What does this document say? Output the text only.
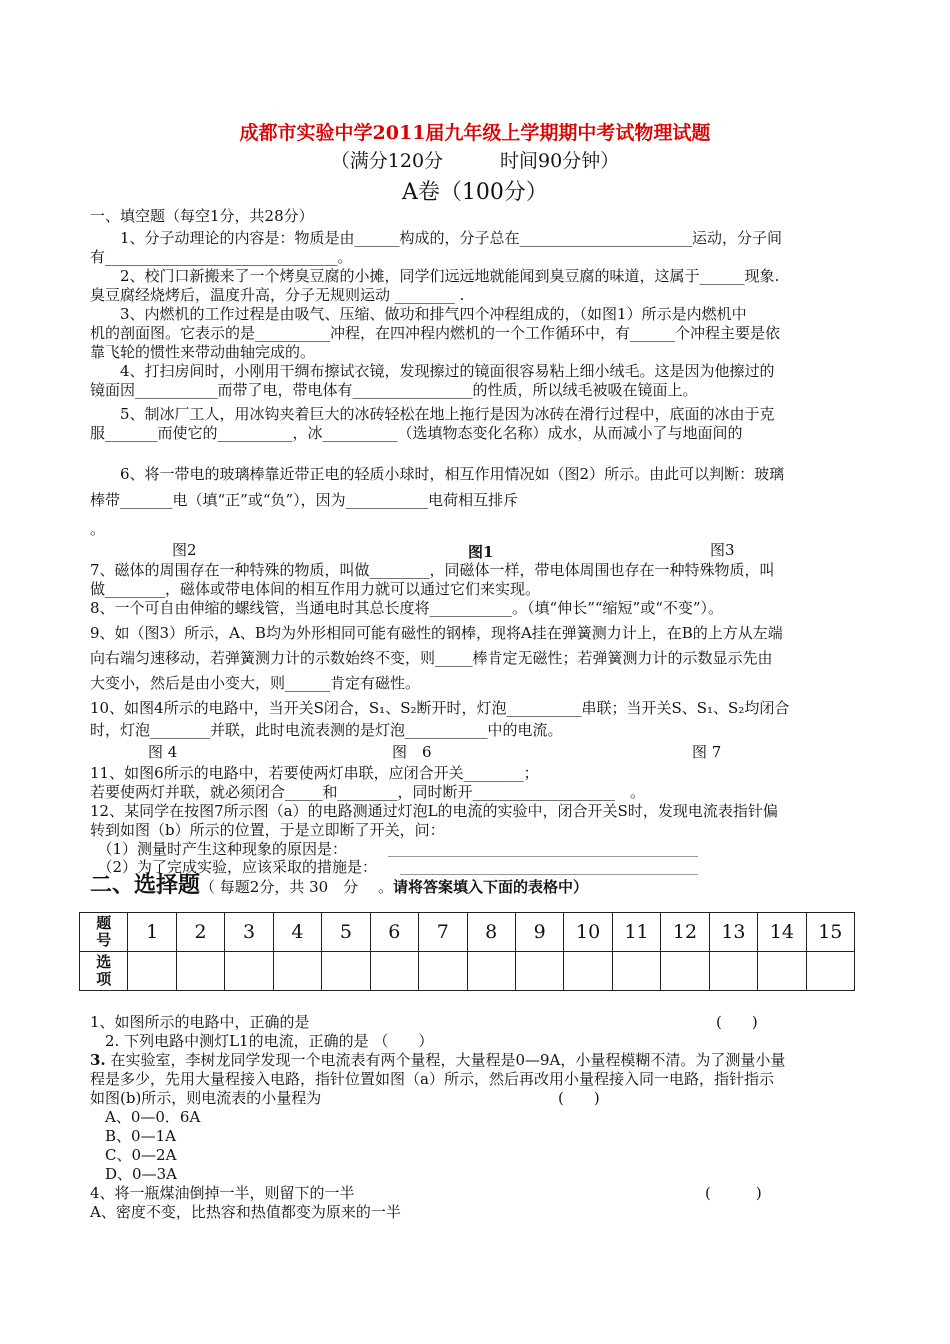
成都市实验中学2011届九年级上学期期中考试物理试题
（满分120分　　　时间90分钟）
A卷（100分）
一、填空题（每空1分，共28分）
　　1、分子动理论的内容是：物质是由______构成的，分子总在_______________________运动，分子间
有_______________________________。
　　2、校门口新搬来了一个烤臭豆腐的小摊，同学们远远地就能闻到臭豆腐的味道，这属于______现象.
臭豆腐经烧烤后，温度升高，分子无规则运动 ________ .
　　3、内燃机的工作过程是由吸气、压缩、做功和排气四个冲程组成的，（如图1）所示是内燃机中
机的剖面图。它表示的是__________冲程，在四冲程内燃机的一个工作循环中，有______个冲程主要是依
靠飞轮的惯性来带动曲轴完成的。
　　4、打扫房间时，小刚用干绸布擦试衣镜，发现擦过的镜面很容易粘上细小绒毛。这是因为他擦过的
镜面因___________而带了电，带电体有________________的性质，所以绒毛被吸在镜面上。
　　5、制冰厂工人，用冰钩夹着巨大的冰砖轻松在地上拖行是因为冰砖在滑行过程中，底面的冰由于克
服_______而使它的__________，冰__________（选填物态变化名称）成水，从而减小了与地面间的
　　6、将一带电的玻璃棒靠近带正电的轻质小球时，相互作用情况如（图2）所示。由此可以判断：玻璃
棒带_______电（填“正”或“负”），因为___________电荷相互排斥
。
图2	图1	图3
7、磁体的周围存在一种特殊的物质，叫做________，同磁体一样，带电体周围也存在一种特殊物质，叫
做________，磁体或带电体间的相互作用力就可以通过它们来实现。
8、一个可自由伸缩的螺线管，当通电时其总长度将___________。（填“伸长”“缩短”或“不变”）。
9、如（图3）所示，A、B均为外形相同可能有磁性的钢棒，现将A挂在弹簧测力计上，在B的上方从左端
向右端匀速移动，若弹簧测力计的示数始终不变，则_____棒肯定无磁性；若弹簧测力计的示数显示先由
大变小，然后是由小变大，则______肯定有磁性。
10、如图4所示的电路中，当开关S闭合，S₁、S₂断开时，灯泡__________串联；当开关S、S₁、S₂均闭合
时，灯泡________并联，此时电流表测的是灯泡___________中的电流。
图 4	图　6	图 7
11、如图6所示的电路中，若要使两灯串联，应闭合开关________；
若要使两灯并联，就必须闭合_____和________，同时断开___________________　。
12、某同学在按图7所示图（a）的电路测通过灯泡L的电流的实验中，闭合开关S时，发现电流表指针偏
转到如图（b）所示的位置，于是立即断了开关，问：
　（1）测量时产生这种现象的原因是：
　（2）为了完成实验，应该采取的措施是：
二、选择题（ 每题2分，共 30　分 　。请将答案填入下面的表格中）
题号	1	2	3	4	5	6	7	8	9	10	11	12	13	14	15
选项															
1、如图所示的电路中，正确的是	(　　)
　2. 下列电路中测灯L1的电流，正确的是 （　　）
3. 在实验室，李树龙同学发现一个电流表有两个量程，大量程是0—9A，小量程模糊不清。为了测量小量
程是多少，先用大量程接入电路，指针位置如图（a）所示，然后再改用小量程接入同一电路，指针指示
如图(b)所示，则电流表的小量程为	(　　)
　A、0—0．6A
　B、0—1A
　C、0—2A
　D、0—3A
4、将一瓶煤油倒掉一半，则留下的一半	(　　　)
A、密度不变，比热容和热值都变为原来的一半
